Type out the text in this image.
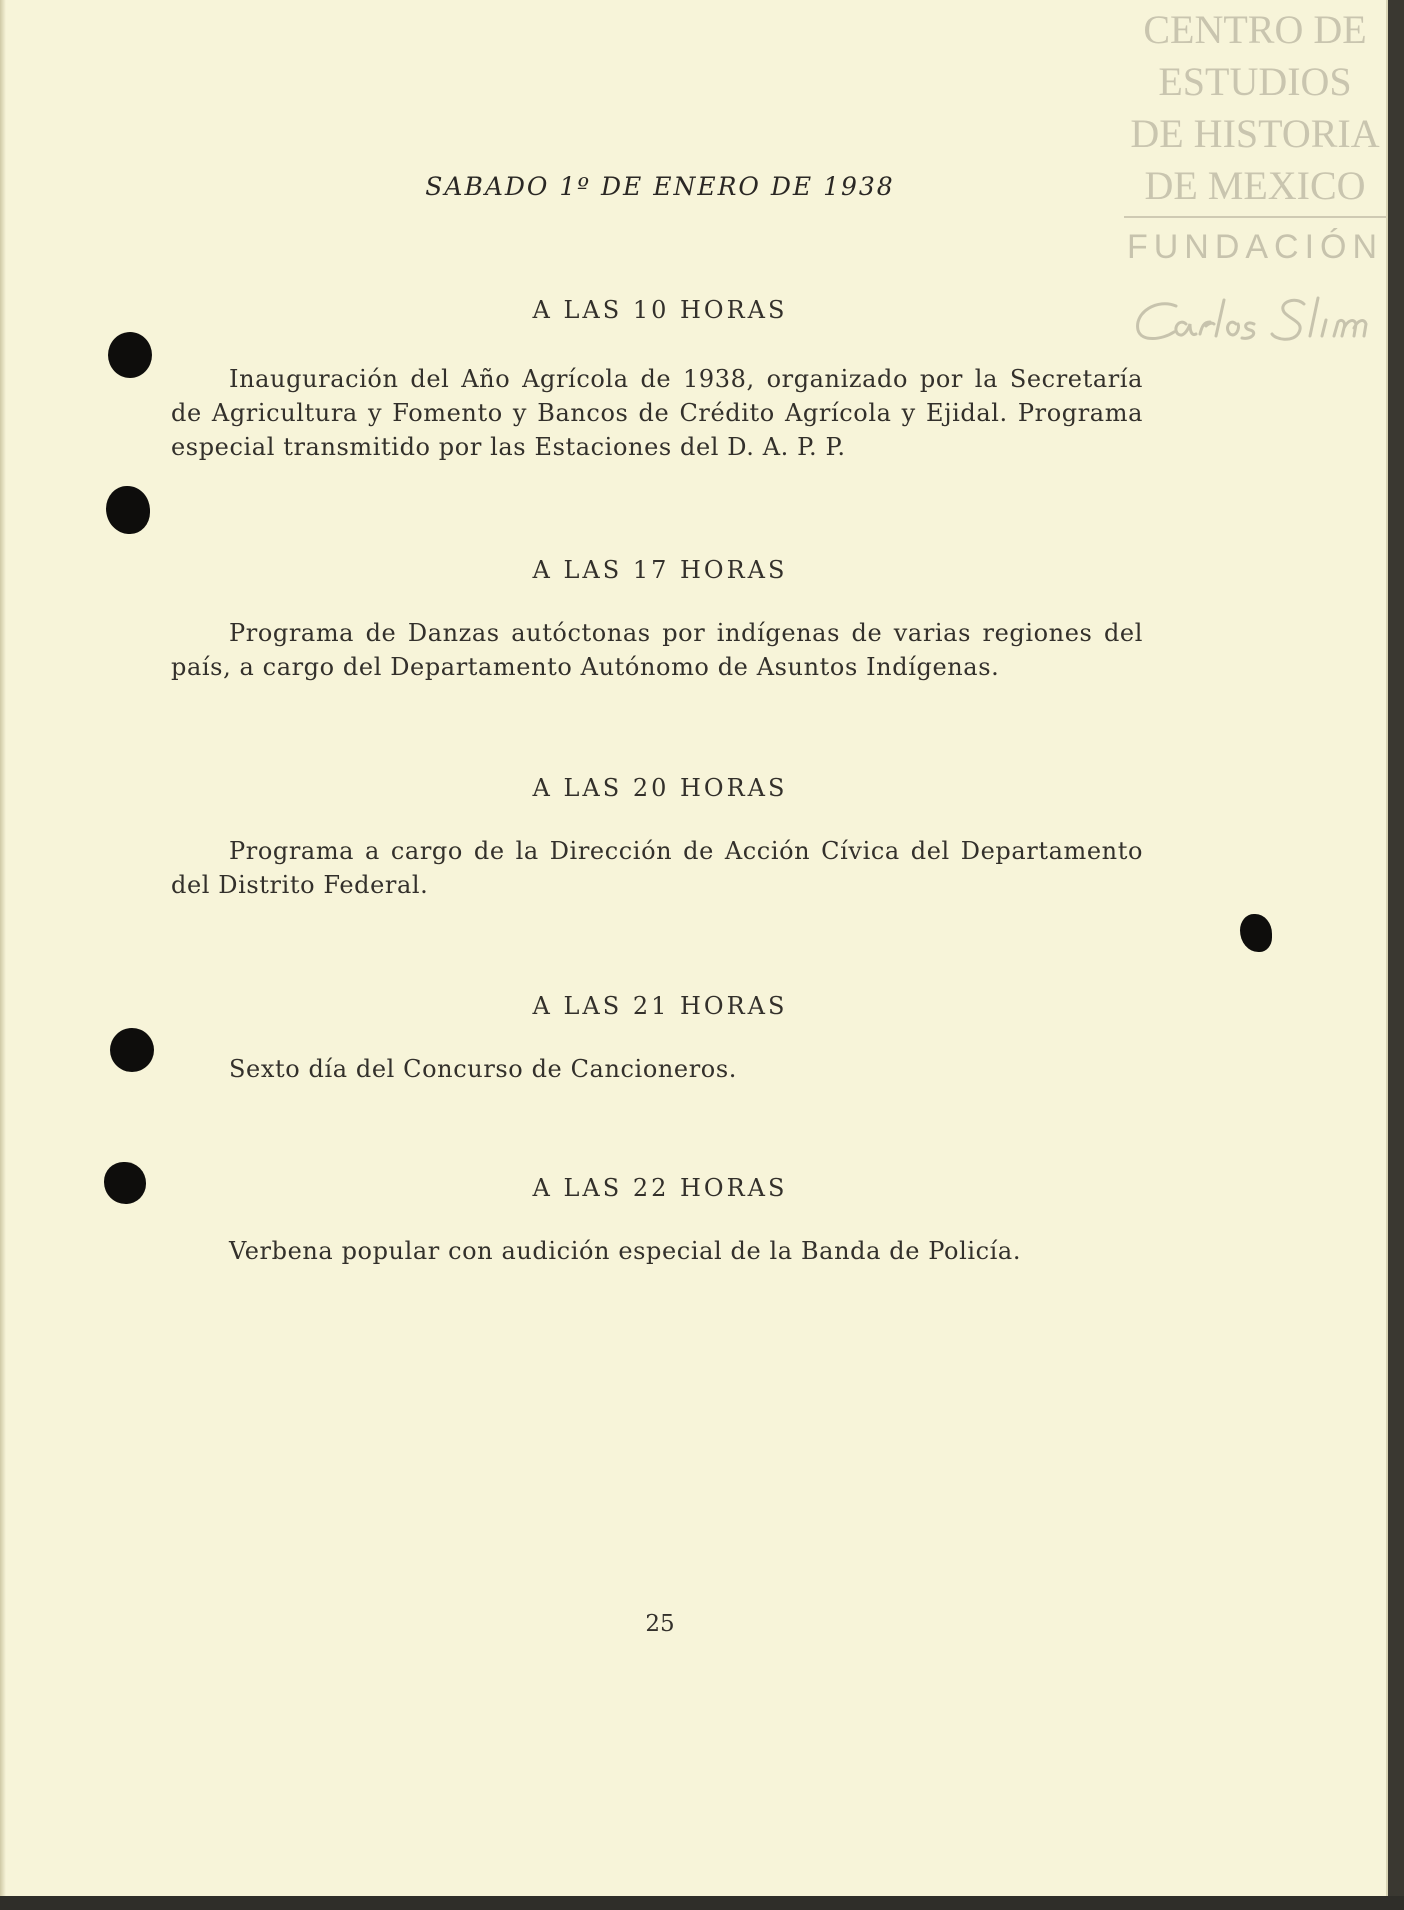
CENTRO DE
ESTUDIOS
DE HISTORIA
DE MEXICO
FUNDACIÓN
SABADO 1º DE ENERO DE 1938
A LAS 10 HORAS
Inauguración del Año Agrícola de 1938, organizado por la Secretaría de Agricultura y Fomento y Bancos de Crédito Agrícola y Ejidal. Programa especial transmitido por las Estaciones del D. A. P. P.
A LAS 17 HORAS
Programa de Danzas autóctonas por indígenas de varias regiones del país, a cargo del Departamento Autónomo de Asuntos Indígenas.
A LAS 20 HORAS
Programa a cargo de la Dirección de Acción Cívica del Departamento del Distrito Federal.
A LAS 21 HORAS
Sexto día del Concurso de Cancioneros.
A LAS 22 HORAS
Verbena popular con audición especial de la Banda de Policía.
25
